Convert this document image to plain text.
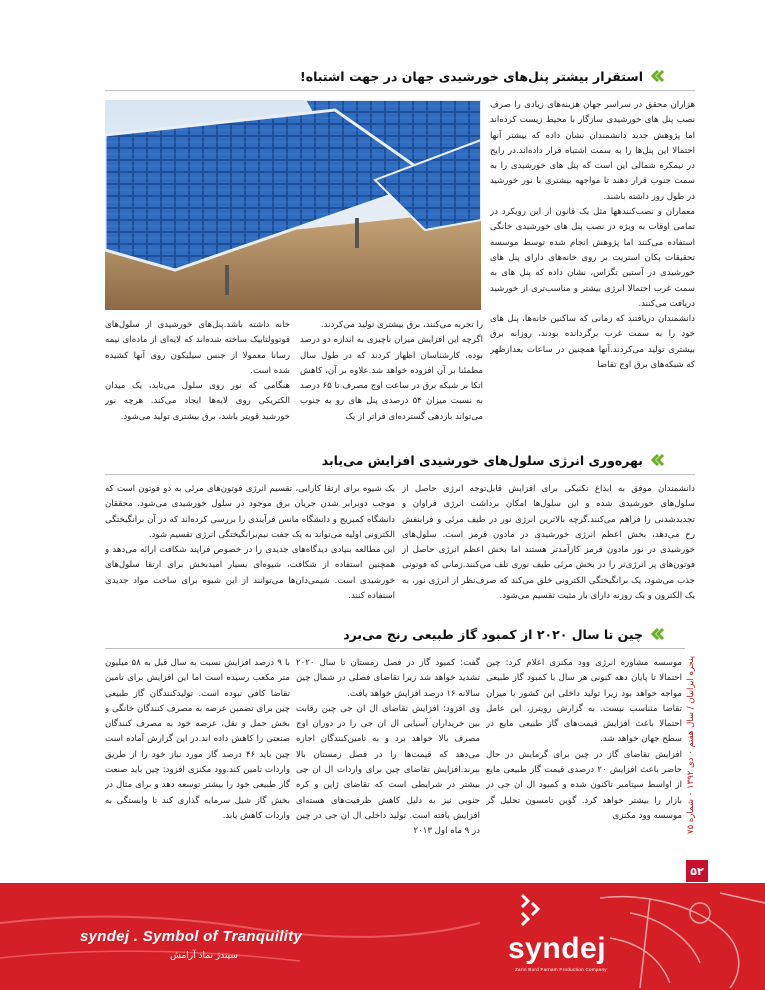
استقرار بیشتر پنل‌های خورشیدی جهان در جهت اشتباه!

هزاران محقق در سراسر جهان هزینه‌های زیادی را صرف نصب پنل های خورشیدی سازگار با محیط زیست کرده‌اند اما پژوهش جدید دانشمندان نشان داده که بیشتر آنها احتمالا این پنل‌ها را به سمت اشتباه قرار داده‌اند.در رایج در نیمکره شمالی این است که پنل های خورشیدی را به سمت جنوب قرار دهند تا مواجهه بیشتری با نور خورشید در طول روز داشته باشند.
معماران و نصب‌کنندهها مثل یک قانون از این رویکرد در تمامی اوقات به ویژه در نصب پنل های خورشیدی خانگی استفاده می‌کنند اما پژوهش انجام شده توسط موسسه تحقیقات پکان استریت بر روی خانه‌های دارای پنل های خورشیدی در آستین تگزاس، نشان داده که پنل های به سمت غرب احتمالا انرژی بیشتر و مناسب‌تری از خورشید دریافت می‌کنند.
دانشمندان دریافتند که زمانی که ساکنین خانه‌ها، پنل های خود را به سمت غرب برگردانده بودند، روزانه برق بیشتری تولید می‌کردند.آنها همچنین در ساعات بعدازظهر که شبکه‌های برق اوج تقاضا

را تجربه می‌کنند، برق بیشتری تولید می‌کردند.
اگرچه این افزایش میزان ناچیزی به اندازه دو درصد بوده، کارشناسان اظهار کردند که در طول سال مطمئنا بر آن افزوده خواهد شد.علاوه بر آن، کاهش اتکا بر شبکه برق در ساعت اوج مصرف تا ۶۵ درصد به نسبت میزان ۵۴ درصدی پنل های رو به جنوب می‌تواند بازدهی گسترده‌ای فراتر از یک

خانه داشته باشد.پنل‌های خورشیدی از سلول‌های فوتوولتاییک ساخته شده‌اند که لایه‌ای از ماده‌ای نیمه رسانا معمولا از جنس سیلیکون روی آنها کشیده شده است.
هنگامی که نور روی سلول می‌تابد، یک میدان الکتریکی روی لایه‌ها ایجاد می‌کند. هرچه نور خورشید قویتر باشد، برق بیشتری تولید می‌شود.

بهره‌وری انرژی سلول‌های خورشیدی افزایش می‌یابد

دانشمندان موفق به ابداع تکنیکی برای افزایش قابل‌توجه انرژی حاصل از سلول‌های خورشیدی شده و این سلول‌ها امکان برداشت انرژی فراوان و تجدیدشدنی را فراهم می‌کنند.گرچه بالاترین انرژی نور در طیف مرئی و فرابنفش رخ می‌دهد، بخش اعظم انرژی خورشیدی در مادون قرمز است. سلول‌های خورشیدی در نور مادون قرمز کارآمدتر هستند اما بخش اعظم انرژی حاصل از فوتون‌های پر انرژی‌تر را در بخش مرئی طیف نوری تلف می‌کنند.زمانی که فوتونی جذب می‌شود، یک برانگیختگی الکترونی خلق می‌کند که صرف‌نظر از انرژی نور، به یک الکترون و یک روزنه دارای بار مثبت تقسیم می‌شود.

یک شیوه برای ارتقا کارایی، تقسیم انرژی فوتون‌های مرئی به دو فوتون است که موجب دوبرابر شدن جریان برق موجود در سلول خورشیدی می‌شود. محققان دانشگاه کمبریج و دانشگاه مانس فرآیندی را بررسی کرده‌اند که در آن برانگیختگی الکترونی اولیه می‌تواند به یک جفت نیم‌برانگیختگی انرژی تقسیم شود.
این مطالعه بنیادی دیدگاه‌های جدیدی را در خصوص فرایند شکافت ارائه می‌دهد و همچنین استفاده از شکافت، شیوه‌ای بسیار امیدبخش برای ارتقا سلول‌های خورشیدی است. شیمی‌دان‌ها می‌توانند از این شیوه برای ساخت مواد جدیدی استفاده کنند.

چین تا سال ۲۰۲۰ از کمبود گاز طبیعی رنج می‌برد

موسسه مشاوره انرژی وود مکنزی اعلام کرد: چین احتمالا تا پایان دهه کنونی هر سال با کمبود گاز طبیعی مواجه خواهد بود زیرا تولید داخلی این کشور با میزان تقاضا متناسب نیست. به گزارش رویترز، این عامل احتمالا باعث افزایش قیمت‌های گاز طبیعی مایع در سطح جهان خواهد شد.
افزایش تقاضای گاز در چین برای گرمایش در حال حاضر باعث افزایش ۲۰ درصدی قیمت گاز طبیعی مایع از اواسط سپتامبر تاکنون شده و کمبود ال ان جی در بازار را بیشتر خواهد کرد. گوین تامسون تحلیل گر موسسه وود مکنزی

گفت: کمبود گاز در فصل زمستان تا سال ۲۰۲۰ تشدید خواهد شد زیرا تقاضای فصلی در شمال چین سالانه ۱۶ درصد افزایش خواهد یافت.
وی افزود: افزایش تقاضای ال ان جی چین رقابت بین خریداران آسیایی ال ان جی را در دوران اوج مصرف بالا خواهد برد و به تامین‌کنندگان اجازه می‌دهد که قیمت‌ها را در فصل زمستان بالا ببرند.افزایش تقاضای چین برای واردات ال ان جی بیشتر در شرایطی است که تقاضای ژاپن و کره جنوبی نیز به دلیل کاهش ظرفیت‌های هسته‌ای افزایش یافته است. تولید داخلی ال ان جی در چین در ۹ ماه اول ۲۰۱۳

با ۹ درصد افزایش نسبت به سال قبل به ۵۸ میلیون متر مکعب رسیده است اما این افزایش برای تامین تقاضا کافی نبوده است. تولیدکنندگان گاز طبیعی چین برای تضمین عرضه به مصرف کنندگان خانگی و بخش حمل و نقل، عرضه خود به مصرف کنندگان صنعتی را کاهش داده اند.در این گزارش آماده است چین باید ۴۶ درصد گاز مورد نیاز خود را از طریق واردات تامین کند.وود مکنزی افزود: چین باید صنعت گاز طبیعی خود را بیشتر توسعه دهد و برای مثال در بخش گاز شیل سرمایه گذاری کند تا وابستگی به واردات کاهش یابد.

پنجره ایرانیان / سال هفتم ۰ دی ۱۳۹۲ ۰ شماره ۷۵
۵۲
syndej . Symbol of Tranquility
سیندژ نماد آرامش	syndej
Zarin Bord Farnam Production Company
